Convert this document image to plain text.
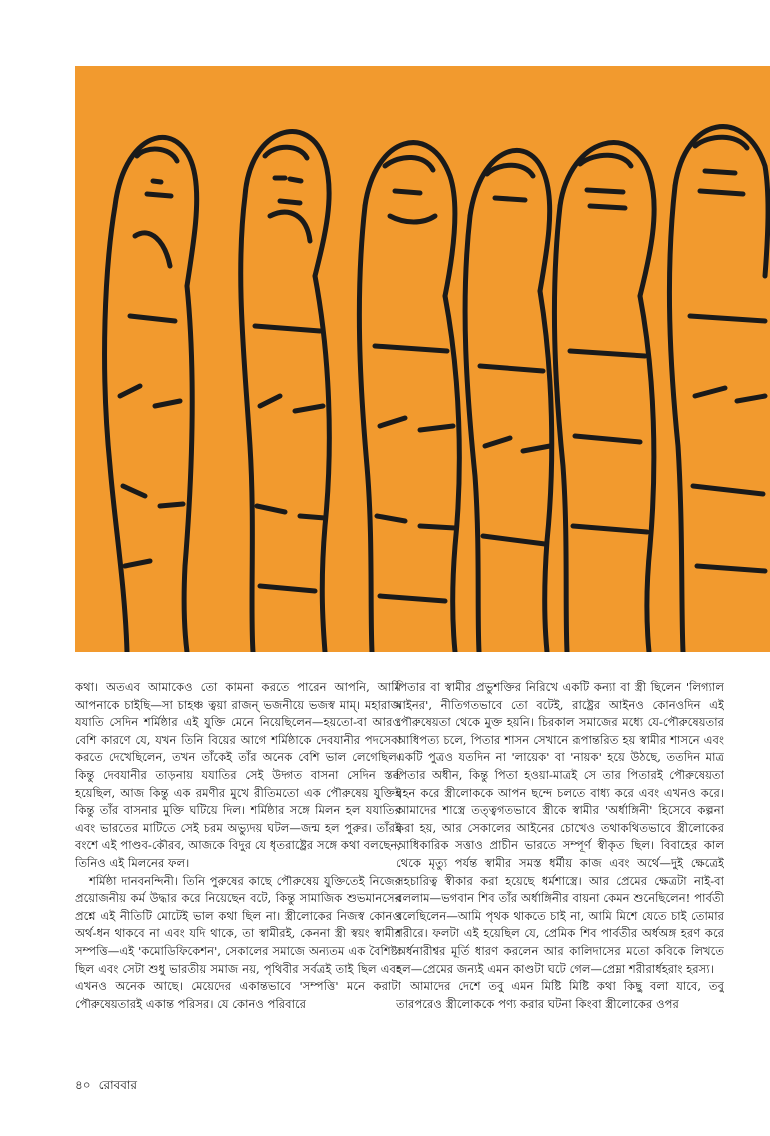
কথা। অতএব আমাকেও তো কামনা করতে পারেন আপনি, আমি আপনাকে চাইছি—সা চাহঞ্চ ত্বয়া রাজন্ ভজনীয়ে ভজস্ব মাম্। মহারাজ যযাতি সেদিন শর্মিষ্ঠার এই যুক্তি মেনে নিয়েছিলেন—হয়তো-বা আরও বেশি কারণে যে, যখন তিনি বিয়ের আগে শর্মিষ্ঠাকে দেবযানীর পদসেবা করতে দেখেছিলেন, তখন তাঁকেই তাঁর অনেক বেশি ভাল লেগেছিল। কিন্তু দেবযানীর তাড়নায় যযাতির সেই উদ্গত বাসনা সেদিন স্তব্ধ হয়েছিল, আজ কিন্তু এক রমণীর মুখে রীতিমতো এক পৌরুষেয় যুক্তিই কিন্তু তাঁর বাসনার মুক্তি ঘটিয়ে দিল। শর্মিষ্ঠার সঙ্গে মিলন হল যযাতির এবং ভারতের মাটিতে সেই চরম অভ্যুদয় ঘটল—জন্ম হল পুরুর। তাঁরই বংশে এই পাণ্ডব-কৌরব, আজকে বিদুর যে ধৃতরাষ্ট্রের সঙ্গে কথা বলছেন, তিনিও এই মিলনের ফল।

শর্মিষ্ঠা দানবনন্দিনী। তিনি পুরুষের কাছে পৌরুষেয় যুক্তিতেই নিজের প্রয়োজনীয় কর্ম উদ্ধার করে নিয়েছেন বটে, কিন্তু সামাজিক শুভমানসের প্রশ্নে এই নীতিটি মোটেই ভাল কথা ছিল না। স্ত্রীলোকের নিজস্ব কোনও অর্থ-ধন থাকবে না এবং যদি থাকে, তা স্বামীরই, কেননা স্ত্রী স্বয়ং স্বামীর সম্পত্তি—এই 'কমোডিফিকেশন', সেকালের সমাজে অন্যতম এক বৈশিষ্ট্য ছিল এবং সেটা শুধু ভারতীয় সমাজ নয়, পৃথিবীর সর্বত্রই তাই ছিল এবং এখনও অনেক আছে। মেয়েদের একান্তভাবে 'সম্পত্তি' মনে করাটা পৌরুষেয়তারই একান্ত পরিসর। যে কোনও পরিবারে

পিতার বা স্বামীর প্রভুশক্তির নিরিখে একটি কন্যা বা স্ত্রী ছিলেন 'লিগ্যাল মাইনর', নীতিগতভাবে তো বটেই, রাষ্ট্রের আইনও কোনওদিন এই পৌরুষেয়তা থেকে মুক্ত হয়নি। চিরকাল সমাজের মধ্যে যে-পৌরুষেয়তার আধিপত্য চলে, পিতার শাসন সেখানে রূপান্তরিত হয় স্বামীর শাসনে এবং একটি পুত্রও যতদিন না 'লায়েক' বা 'নায়ক' হয়ে উঠছে, ততদিন মাত্র পিতার অধীন, কিন্তু পিতা হওয়া-মাত্রই সে তার পিতারই পৌরুষেয়তা বহন করে স্ত্রীলোককে আপন ছন্দে চলতে বাধ্য করে এবং এখনও করে। আমাদের শাস্ত্রে তত্ত্বগতভাবে স্ত্রীকে স্বামীর 'অর্ধাঙ্গিনী' হিসেবে কল্পনা করা হয়, আর সেকালের আইনের চোখেও তথাকথিতভাবে স্ত্রীলোকের আধিকারিক সত্তাও প্রাচীন ভারতে সম্পূর্ণ স্বীকৃত ছিল। বিবাহের কাল থেকে মৃত্যু পর্যন্ত স্বামীর সমস্ত ধর্মীয় কাজ এবং অর্থে—দুই ক্ষেত্রেই সহচারিত্ব স্বীকার করা হয়েছে ধর্মশাস্ত্রে। আর প্রেমের ক্ষেত্রটা নাই-বা বললাম—ভগবান শিব তাঁর অর্ধাঙ্গিনীর বায়না কেমন শুনেছিলেন! পার্বতী বলেছিলেন—আমি পৃথক থাকতে চাই না, আমি মিশে যেতে চাই তোমার শরীরে। ফলটা এই হয়েছিল যে, প্রেমিক শিব পার্বতীর অর্ধঅঙ্গ হরণ করে অর্ধনারীশ্বর মূর্তি ধারণ করলেন আর কালিদাসের মতো কবিকে লিখতে হল—প্রেমের জন্যই এমন কাণ্ডটা ঘটে গেল—প্রেম্না শরীরার্ধহরাং হরস্য।

আমাদের দেশে তবু এমন মিষ্টি মিষ্টি কথা কিছু বলা যাবে, তবু তারপরেও স্ত্রীলোককে পণ্য করার ঘটনা কিংবা স্ত্রীলোকের ওপর

৪০ রোববার
